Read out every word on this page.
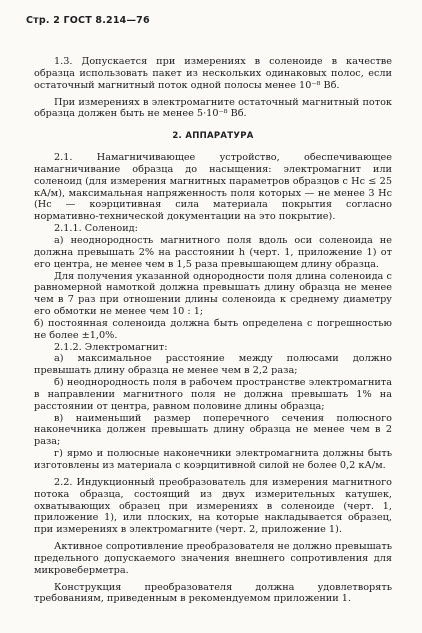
Стр. 2 ГОСТ 8.214—76

1.3. Допускается при измерениях в соленоиде в качестве образца использовать пакет из нескольких одинаковых полос, если остаточный магнитный поток одной полосы менее 10⁻⁸ Вб.

При измерениях в электромагните остаточный магнитный поток образца должен быть не менее 5·10⁻⁸ Вб.

2. АППАРАТУРА

2.1. Намагничивающее устройство, обеспечивающее намагничивание образца до насыщения: электромагнит или соленоид (для измерения магнитных параметров образцов с Hc ≤ 25 кА/м), максимальная напряженность поля которых — не менее 3 Hc (Hc — коэрцитивная сила материала покрытия согласно нормативно-технической документации на это покрытие).

2.1.1. Соленоид:

а) неоднородность магнитного поля вдоль оси соленоида не должна превышать 2% на расстоянии h (черт. 1, приложение 1) от его центра, не менее чем в 1,5 раза превышающем длину образца.

Для получения указанной однородности поля длина соленоида с равномерной намоткой должна превышать длину образца не менее чем в 7 раз при отношении длины соленоида к среднему диаметру его обмотки не менее чем 10 : 1;

б) постоянная соленоида должна быть определена с погрешностью не более ±1,0%.

2.1.2. Электромагнит:

а) максимальное расстояние между полюсами должно превышать длину образца не менее чем в 2,2 раза;

б) неоднородность поля в рабочем пространстве электромагнита в направлении магнитного поля не должна превышать 1% на расстоянии от центра, равном половине длины образца;

в) наименьший размер поперечного сечения полюсного наконечника должен превышать длину образца не менее чем в 2 раза;

г) ярмо и полюсные наконечники электромагнита должны быть изготовлены из материала с коэрцитивной силой не более 0,2 кА/м.

2.2. Индукционный преобразователь для измерения магнитного потока образца, состоящий из двух измерительных катушек, охватывающих образец при измерениях в соленоиде (черт. 1, приложение 1), или плоских, на которые накладывается образец, при измерениях в электромагните (черт. 2, приложение 1).

Активное сопротивление преобразователя не должно превышать предельного допускаемого значения внешнего сопротивления для микровеберметра.

Конструкция преобразователя должна удовлетворять требованиям, приведенным в рекомендуемом приложении 1.
